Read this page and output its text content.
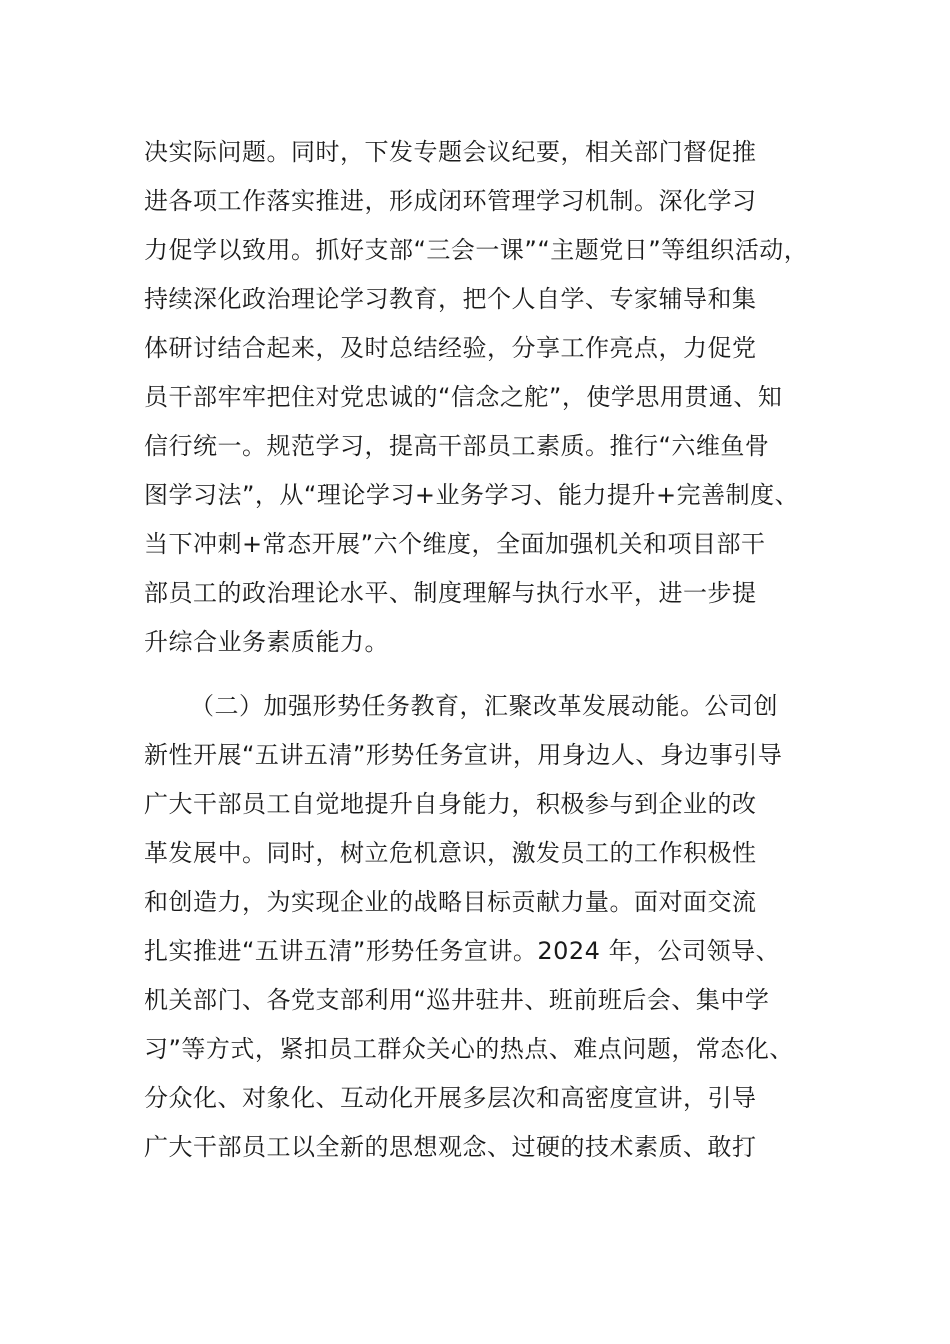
决实际问题。同时，下发专题会议纪要，相关部门督促推
进各项工作落实推进，形成闭环管理学习机制。深化学习
力促学以致用。抓好支部“三会一课”“主题党日”等组织活动，
持续深化政治理论学习教育，把个人自学、专家辅导和集
体研讨结合起来，及时总结经验，分享工作亮点，力促党
员干部牢牢把住对党忠诚的“信念之舵”，使学思用贯通、知
信行统一。规范学习，提高干部员工素质。推行“六维鱼骨
图学习法”，从“理论学习+业务学习、能力提升+完善制度、
当下冲刺+常态开展”六个维度，全面加强机关和项目部干
部员工的政治理论水平、制度理解与执行水平，进一步提
升综合业务素质能力。
（二）加强形势任务教育，汇聚改革发展动能。公司创
新性开展“五讲五清”形势任务宣讲，用身边人、身边事引导
广大干部员工自觉地提升自身能力，积极参与到企业的改
革发展中。同时，树立危机意识，激发员工的工作积极性
和创造力，为实现企业的战略目标贡献力量。面对面交流
扎实推进“五讲五清”形势任务宣讲。2024 年，公司领导、
机关部门、各党支部利用“巡井驻井、班前班后会、集中学
习”等方式，紧扣员工群众关心的热点、难点问题，常态化、
分众化、对象化、互动化开展多层次和高密度宣讲，引导
广大干部员工以全新的思想观念、过硬的技术素质、敢打
